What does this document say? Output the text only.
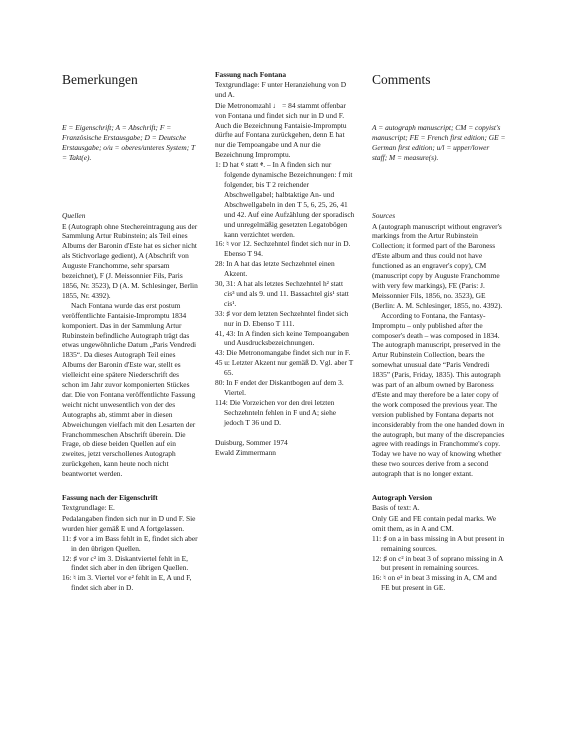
Bemerkungen

E = Eigenschrift; A = Abschrift; F = Französische Erstausgabe; D = Deutsche Erstausgabe; o/u = oberes/unteres System; T = Takt(e).

Quellen

E (Autograph ohne Stechereintragung aus der Sammlung Artur Rubinstein; als Teil eines Albums der Baronin d'Este hat es sicher nicht als Stichvorlage gedient), A (Abschrift von Auguste Franchomme, sehr sparsam bezeichnet), F (J. Meissonnier Fils, Paris 1856, Nr. 3523), D (A. M. Schlesinger, Berlin 1855, Nr. 4392).

Nach Fontana wurde das erst postum veröffentlichte Fantaisie-Impromptu 1834 komponiert. Das in der Sammlung Artur Rubinstein befindliche Autograph trägt das etwas ungewöhnliche Datum „Paris Vendredi 1835“. Da dieses Autograph Teil eines Albums der Baronin d'Este war, stellt es vielleicht eine spätere Niederschrift des schon im Jahr zuvor komponierten Stückes dar. Die von Fontana veröffentlichte Fassung weicht nicht unwesentlich von der des Autographs ab, stimmt aber in diesen Abweichungen vielfach mit den Lesarten der Franchommeschen Abschrift überein. Die Frage, ob diese beiden Quellen auf ein zweites, jetzt verschollenes Autograph zurückgehen, kann heute noch nicht beantwortet werden.

Fassung nach der Eigenschrift

Textgrundlage: E.

Pedalangaben finden sich nur in D und F. Sie wurden hier gemäß E und A fortgelassen.

11: ♯ vor a im Bass fehlt in E, findet sich aber in den übrigen Quellen.
12: ♯ vor c² im 3. Diskantviertel fehlt in E, findet sich aber in den übrigen Quellen.
16: ♮ im 3. Viertel vor e² fehlt in E, A und F, findet sich aber in D.

Fassung nach Fontana

Textgrundlage: F unter Heranziehung von D und A.

Die Metronomzahl ♩ = 84 stammt offenbar von Fontana und findet sich nur in D und F. Auch die Bezeichnung Fantaisie-Impromptu dürfte auf Fontana zurückgehen, denn E hat nur die Tempoangabe und A nur die Bezeichnung Impromptu.

1: D hat 𝄴 statt 𝄵. – In A finden sich nur folgende dynamische Bezeichnungen: f mit folgender, bis T 2 reichender Abschwellgabel; halbtaktige An- und Abschwellgabeln in den T 5, 6, 25, 26, 41 und 42. Auf eine Aufzählung der sporadisch und unregelmäßig gesetzten Legatobögen kann verzichtet werden.
16: ♮ vor 12. Sechzehntel findet sich nur in D. Ebenso T 94.
28: In A hat das letzte Sechzehntel einen Akzent.
30, 31: A hat als letztes Sechzehntel h² statt cis³ und als 9. und 11. Bassachtel gis¹ statt cis¹.
33: ♯ vor dem letzten Sechzehntel findet sich nur in D. Ebenso T 111.
41, 43: In A finden sich keine Tempoangaben und Ausdrucksbezeichnungen.
43: Die Metronomangabe findet sich nur in F.
45 u: Letzter Akzent nur gemäß D. Vgl. aber T 65.
80: In F endet der Diskantbogen auf dem 3. Viertel.
114: Die Vorzeichen vor den drei letzten Sechzehnteln fehlen in F und A; siehe jedoch T 36 und D.

Duisburg, Sommer 1974

Ewald Zimmermann

Comments

A = autograph manuscript; CM = copyist's manuscript; FE = French first edition; GE = German first edition; u/l = upper/lower staff; M = measure(s).

Sources

A (autograph manuscript without engraver's markings from the Artur Rubinstein Collection; it formed part of the Baroness d'Este album and thus could not have functioned as an engraver's copy), CM (manuscript copy by Auguste Franchomme with very few markings), FE (Paris: J. Meissonnier Fils, 1856, no. 3523), GE (Berlin: A. M. Schlesinger, 1855, no. 4392).

According to Fontana, the Fantasy-Impromptu – only published after the composer's death – was composed in 1834. The autograph manuscript, preserved in the Artur Rubinstein Collection, bears the somewhat unusual date “Paris Vendredi 1835” (Paris, Friday, 1835). This autograph was part of an album owned by Baroness d'Este and may therefore be a later copy of the work composed the previous year. The version published by Fontana departs not inconsiderably from the one handed down in the autograph, but many of the discrepancies agree with readings in Franchomme's copy. Today we have no way of knowing whether these two sources derive from a second autograph that is no longer extant.

Autograph Version

Basis of text: A.

Only GE and FE contain pedal marks. We omit them, as in A and CM.

11: ♯ on a in bass missing in A but present in remaining sources.
12: ♯ on c² in beat 3 of soprano missing in A but present in remaining sources.
16: ♮ on e² in beat 3 missing in A, CM and FE but present in GE.
